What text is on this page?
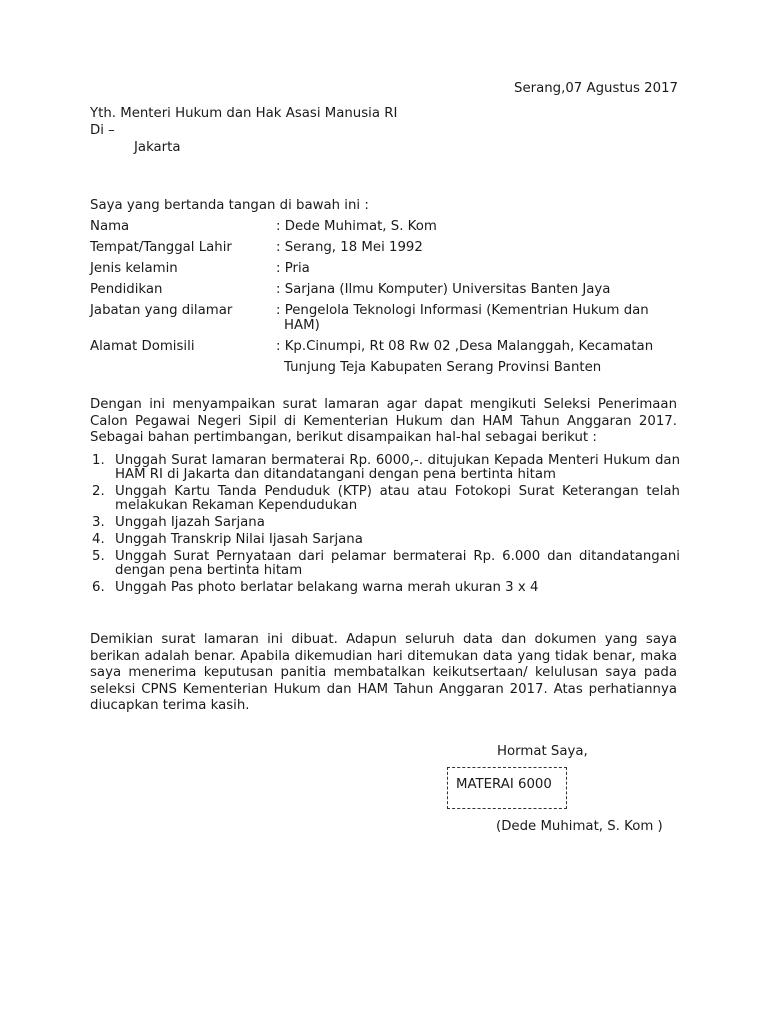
Serang,07 Agustus 2017
Yth. Menteri Hukum dan Hak Asasi Manusia RI
Di –
Jakarta
Saya yang bertanda tangan di bawah ini :
Nama	: Dede Muhimat, S. Kom
Tempat/Tanggal Lahir	: Serang, 18 Mei 1992
Jenis kelamin	: Pria
Pendidikan	: Sarjana (Ilmu Komputer) Universitas Banten Jaya
Jabatan yang dilamar	: Pengelola Teknologi Informasi (Kementrian Hukum dan
HAM)

Alamat Domisili	: Kp.Cinumpi, Rt 08 Rw 02 ,Desa Malanggah, Kecamatan
Tunjung Teja Kabupaten Serang Provinsi Banten
Dengan ini menyampaikan surat lamaran agar dapat mengikuti Seleksi Penerimaan Calon Pegawai Negeri Sipil di Kementerian Hukum dan HAM Tahun Anggaran 2017. Sebagai bahan pertimbangan, berikut disampaikan hal-hal sebagai berikut :
1. Unggah Surat lamaran bermaterai Rp. 6000,-. ditujukan Kepada Menteri Hukum dan HAM RI di Jakarta dan ditandatangani dengan pena bertinta hitam
2. Unggah Kartu Tanda Penduduk (KTP) atau atau Fotokopi Surat Keterangan telah melakukan Rekaman Kependudukan
3. Unggah Ijazah Sarjana
4. Unggah Transkrip Nilai Ijasah Sarjana
5. Unggah Surat Pernyataan dari pelamar bermaterai Rp. 6.000 dan ditandatangani dengan pena bertinta hitam
6. Unggah Pas photo berlatar belakang warna merah ukuran 3 x 4
Demikian surat lamaran ini dibuat. Adapun seluruh data dan dokumen yang saya berikan adalah benar. Apabila dikemudian hari ditemukan data yang tidak benar, maka saya menerima keputusan panitia membatalkan keikutsertaan/ kelulusan saya pada seleksi CPNS Kementerian Hukum dan HAM Tahun Anggaran 2017. Atas perhatiannya diucapkan terima kasih.
Hormat Saya,
MATERAI 6000
(Dede Muhimat, S. Kom )
